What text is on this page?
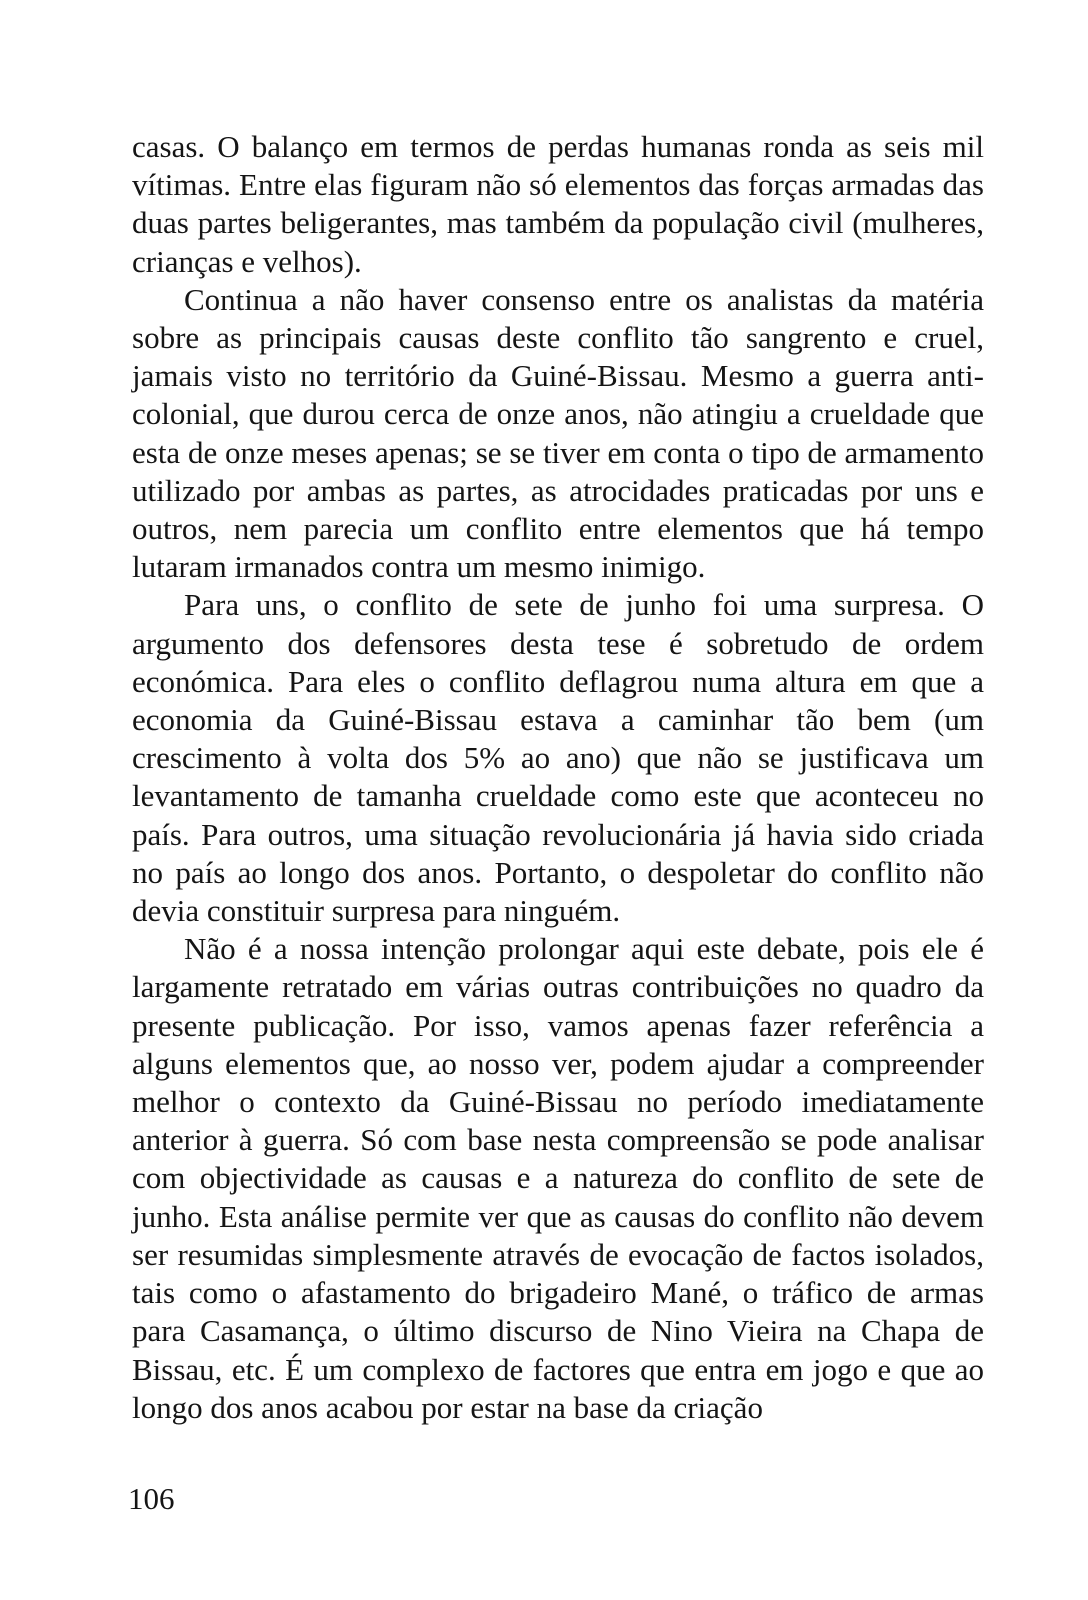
casas. O balanço em termos de perdas humanas ronda as seis mil vítimas. Entre elas figuram não só elementos das forças armadas das duas partes beligerantes, mas também da população civil (mulheres, crianças e velhos).

Continua a não haver consenso entre os analistas da matéria sobre as principais causas deste conflito tão sangrento e cruel, jamais visto no território da Guiné-Bissau. Mesmo a guerra anticolonial, que durou cerca de onze anos, não atingiu a crueldade que esta de onze meses apenas; se se tiver em conta o tipo de armamento utilizado por ambas as partes, as atrocidades praticadas por uns e outros, nem parecia um conflito entre elementos que há tempo lutaram irmanados contra um mesmo inimigo.

Para uns, o conflito de sete de junho foi uma surpresa. O argumento dos defensores desta tese é sobretudo de ordem económica. Para eles o conflito deflagrou numa altura em que a economia da Guiné-Bissau estava a caminhar tão bem (um crescimento à volta dos 5% ao ano) que não se justificava um levantamento de tamanha crueldade como este que aconteceu no país. Para outros, uma situação revolucionária já havia sido criada no país ao longo dos anos. Portanto, o despoletar do conflito não devia constituir surpresa para ninguém.

Não é a nossa intenção prolongar aqui este debate, pois ele é largamente retratado em várias outras contribuições no quadro da presente publicação. Por isso, vamos apenas fazer referência a alguns elementos que, ao nosso ver, podem ajudar a compreender melhor o contexto da Guiné-Bissau no período imediatamente anterior à guerra. Só com base nesta compreensão se pode analisar com objectividade as causas e a natureza do conflito de sete de junho. Esta análise permite ver que as causas do conflito não devem ser resumidas simplesmente através de evocação de factos isolados, tais como o afastamento do brigadeiro Mané, o tráfico de armas para Casamança, o último discurso de Nino Vieira na Chapa de Bissau, etc. É um complexo de factores que entra em jogo e que ao longo dos anos acabou por estar na base da criação

106
